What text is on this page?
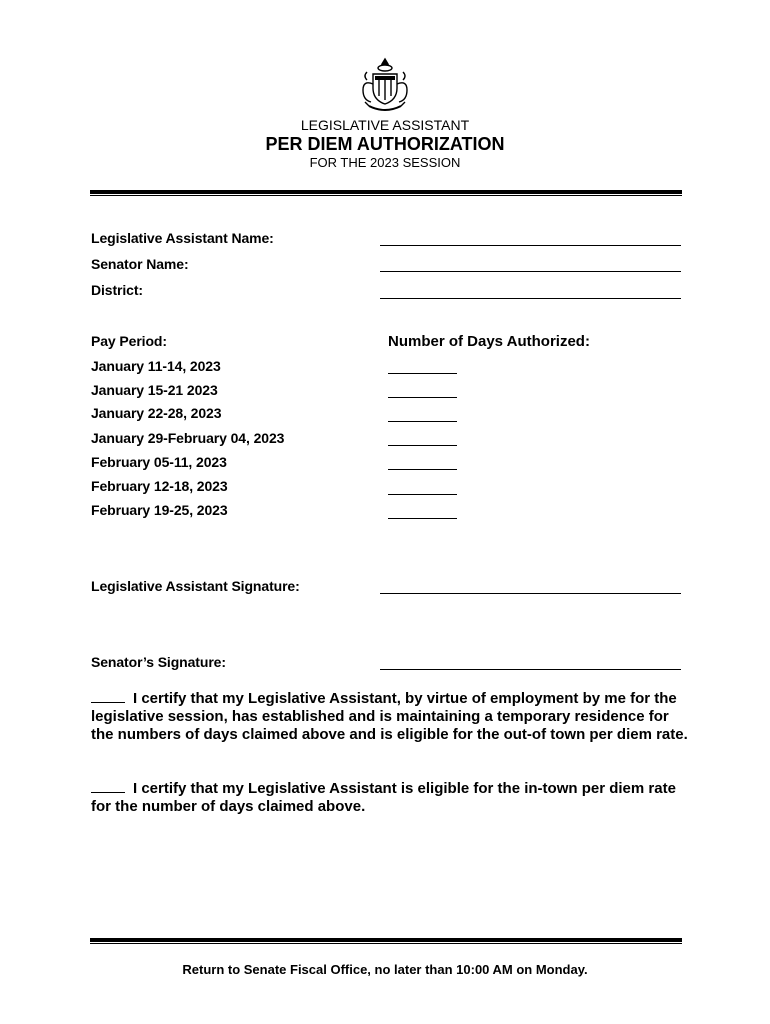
LEGISLATIVE ASSISTANT
PER DIEM AUTHORIZATION
FOR THE 2023 SESSION
Legislative Assistant Name:
Senator Name:
District:
Pay Period:	Number of Days Authorized:
January 11-14, 2023
January 15-21 2023
January 22-28, 2023
January 29-February 04, 2023
February 05-11, 2023
February 12-18, 2023
February 19-25, 2023
Legislative Assistant Signature:
Senator’s Signature:
I certify that my Legislative Assistant, by virtue of employment by me for the legislative session, has established and is maintaining a temporary residence for the numbers of days claimed above and is eligible for the out-of town per diem rate.
I certify that my Legislative Assistant is eligible for the in-town per diem rate for the number of days claimed above.
Return to Senate Fiscal Office, no later than 10:00 AM on Monday.
